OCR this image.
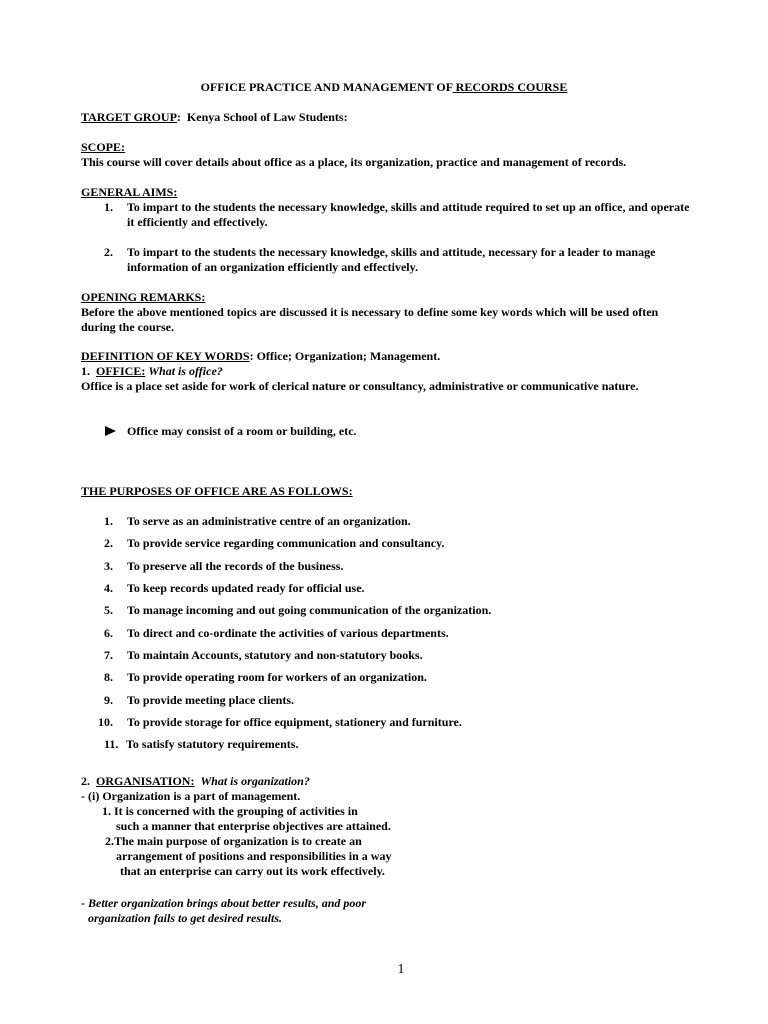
OFFICE PRACTICE AND MANAGEMENT OF RECORDS COURSE
TARGET GROUP: Kenya School of Law Students:
SCOPE:
This course will cover details about office as a place, its organization, practice and management of records.
GENERAL AIMS:
1. To impart to the students the necessary knowledge, skills and attitude required to set up an office, and operate
it efficiently and effectively.
2. To impart to the students the necessary knowledge, skills and attitude, necessary for a leader to manage
information of an organization efficiently and effectively.
OPENING REMARKS:
Before the above mentioned topics are discussed it is necessary to define some key words which will be used often
during the course.
DEFINITION OF KEY WORDS: Office; Organization; Management.
1. OFFICE: What is office?
Office is a place set aside for work of clerical nature or consultancy, administrative or communicative nature.
Office may consist of a room or building, etc.
THE PURPOSES OF OFFICE ARE AS FOLLOWS:
1. To serve as an administrative centre of an organization.
2. To provide service regarding communication and consultancy.
3. To preserve all the records of the business.
4. To keep records updated ready for official use.
5. To manage incoming and out going communication of the organization.
6. To direct and co-ordinate the activities of various departments.
7. To maintain Accounts, statutory and non-statutory books.
8. To provide operating room for workers of an organization.
9. To provide meeting place clients.
10. To provide storage for office equipment, stationery and furniture.
11. To satisfy statutory requirements.
2. ORGANISATION: What is organization?
- (i) Organization is a part of management.
1. It is concerned with the grouping of activities in
such a manner that enterprise objectives are attained.
2.The main purpose of organization is to create an
arrangement of positions and responsibilities in a way
that an enterprise can carry out its work effectively.
- Better organization brings about better results, and poor
organization fails to get desired results.
1
